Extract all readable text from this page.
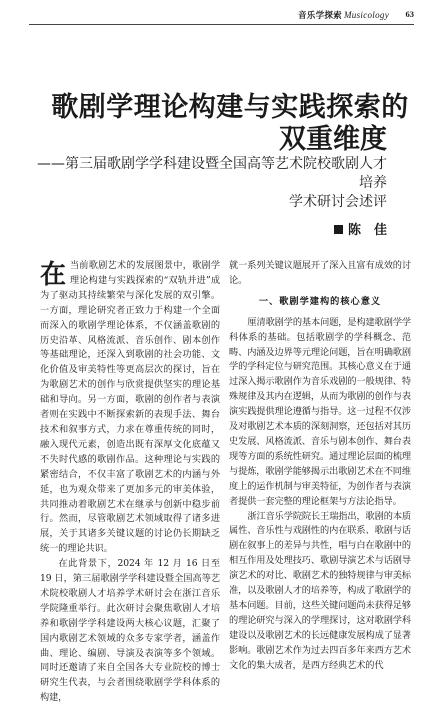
音乐学探索 Musicology 63
歌剧学理论构建与实践探索的
双重维度
——第三届歌剧学学科建设暨全国高等艺术院校歌剧人才培养
学术研讨会述评
陈　佳

在当前歌剧艺术的发展图景中，歌剧学理论构建与实践探索的“双轨并进”成为了驱动其持续繁荣与深化发展的双引擎。一方面，理论研究者正致力于构建一个全面而深入的歌剧学理论体系，不仅涵盖歌剧的历史沿革、风格流派、音乐创作、剧本创作等基础理论，还深入到歌剧的社会功能、文化价值及审美特性等更高层次的探讨，旨在为歌剧艺术的创作与欣赏提供坚实的理论基础和导向。另一方面，歌剧的创作者与表演者则在实践中不断探索新的表现手法、舞台技术和叙事方式，力求在尊重传统的同时，融入现代元素，创造出既有深厚文化底蕴又不失时代感的歌剧作品。这种理论与实践的紧密结合，不仅丰富了歌剧艺术的内涵与外延，也为观众带来了更加多元的审美体验，共同推动着歌剧艺术在继承与创新中稳步前行。然而，尽管歌剧艺术领域取得了诸多进展，关于其诸多关键议题的讨论仍长期缺乏统一的理论共识。

在此背景下，2024 年 12 月 16 日至 19 日，第三届歌剧学学科建设暨全国高等艺术院校歌剧人才培养学术研讨会在浙江音乐学院隆重举行。此次研讨会聚焦歌剧人才培养和歌剧学学科建设两大核心议题，汇聚了国内歌剧艺术领域的众多专家学者，涵盖作曲、理论、编剧、导演及表演等多个领域。同时还邀请了来自全国各大专业院校的博士研究生代表，与会者围绕歌剧学学科体系的构建，

就一系列关键议题展开了深入且富有成效的讨论。

一、歌剧学建构的核心意义

厘清歌剧学的基本问题，是构建歌剧学学科体系的基础。包括歌剧学的学科概念、范畴、内涵及边界等元理论问题，旨在明确歌剧学的学科定位与研究范围。其核心意义在于通过深入揭示歌剧作为音乐戏剧的一般规律、特殊规律及其内在逻辑，从而为歌剧的创作与表演实践提供理论遵循与指导。这一过程不仅涉及对歌剧艺术本质的深刻洞察，还包括对其历史发展、风格流派、音乐与剧本创作、舞台表现等方面的系统性研究。通过理论层面的梳理与提炼，歌剧学能够揭示出歌剧艺术在不同维度上的运作机制与审美特征，为创作者与表演者提供一套完整的理论框架与方法论指导。

浙江音乐学院院长王瑞指出，歌剧的本质属性、音乐性与戏剧性的内在联系、歌剧与话剧在叙事上的差异与共性，唱与白在歌剧中的相互作用及处理技巧、歌剧导演艺术与话剧导演艺术的对比、歌剧艺术的独特规律与审美标准，以及歌剧人才的培养等，构成了歌剧学的基本问题。目前，这些关键问题尚未获得足够的理论研究与深入的学理探讨，这对歌剧学科建设以及歌剧艺术的长远健康发展构成了显著影响。歌剧艺术作为过去四百多年来西方艺术文化的集大成者，是西方经典艺术的代
